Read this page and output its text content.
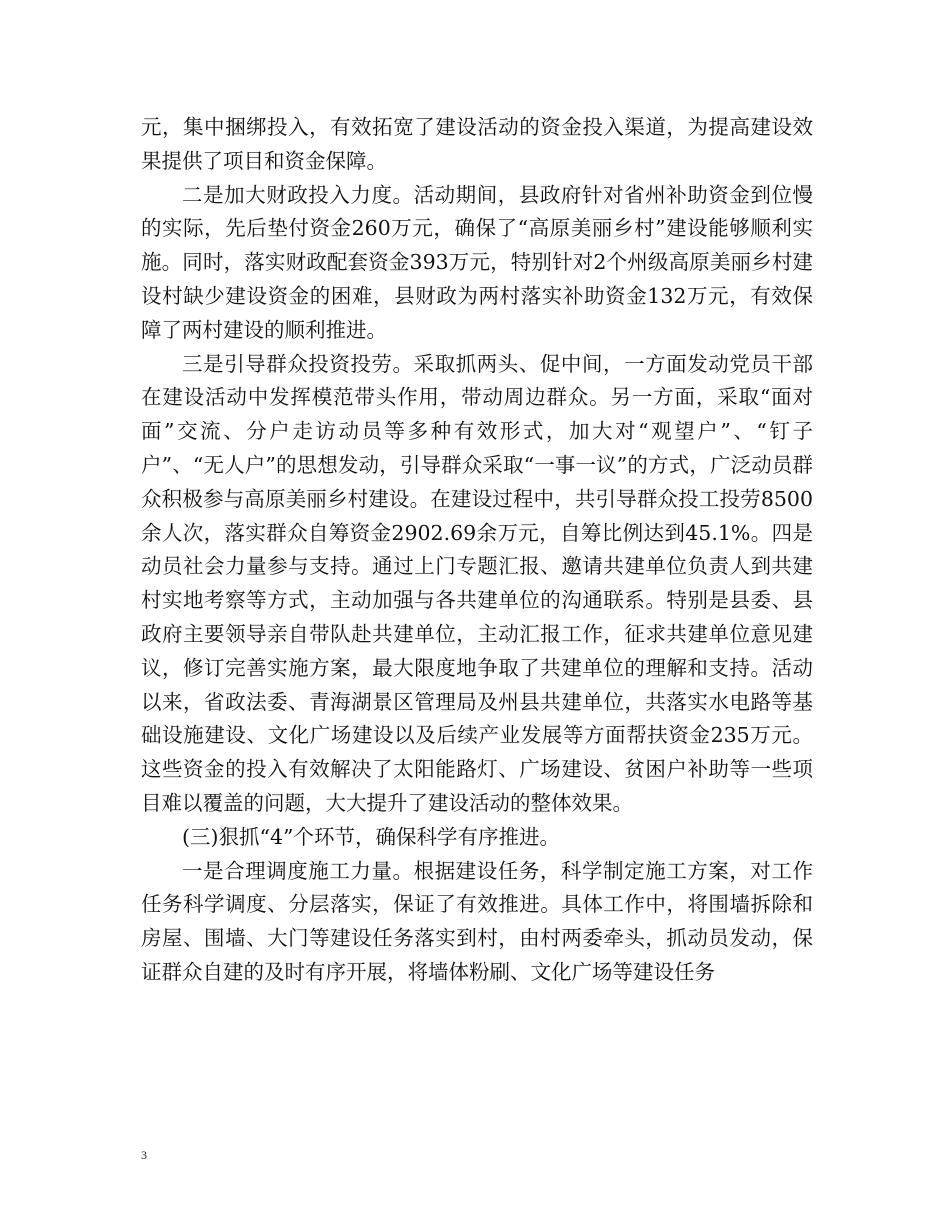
元，集中捆绑投入，有效拓宽了建设活动的资金投入渠道，为提高建设效果提供了项目和资金保障。

二是加大财政投入力度。活动期间，县政府针对省州补助资金到位慢的实际，先后垫付资金260万元，确保了“高原美丽乡村”建设能够顺利实施。同时，落实财政配套资金393万元，特别针对2个州级高原美丽乡村建设村缺少建设资金的困难，县财政为两村落实补助资金132万元，有效保障了两村建设的顺利推进。

三是引导群众投资投劳。采取抓两头、促中间，一方面发动党员干部在建设活动中发挥模范带头作用，带动周边群众。另一方面，采取“面对面”交流、分户走访动员等多种有效形式，加大对“观望户”、“钉子户”、“无人户”的思想发动，引导群众采取“一事一议”的方式，广泛动员群众积极参与高原美丽乡村建设。在建设过程中，共引导群众投工投劳8500余人次，落实群众自筹资金2902.69余万元，自筹比例达到45.1%。四是动员社会力量参与支持。通过上门专题汇报、邀请共建单位负责人到共建村实地考察等方式，主动加强与各共建单位的沟通联系。特别是县委、县政府主要领导亲自带队赴共建单位，主动汇报工作，征求共建单位意见建议，修订完善实施方案，最大限度地争取了共建单位的理解和支持。活动以来，省政法委、青海湖景区管理局及州县共建单位，共落实水电路等基础设施建设、文化广场建设以及后续产业发展等方面帮扶资金235万元。这些资金的投入有效解决了太阳能路灯、广场建设、贫困户补助等一些项目难以覆盖的问题，大大提升了建设活动的整体效果。

(三)狠抓“4”个环节，确保科学有序推进。

一是合理调度施工力量。根据建设任务，科学制定施工方案，对工作任务科学调度、分层落实，保证了有效推进。具体工作中，将围墙拆除和房屋、围墙、大门等建设任务落实到村，由村两委牵头，抓动员发动，保证群众自建的及时有序开展，将墙体粉刷、文化广场等建设任务

3
